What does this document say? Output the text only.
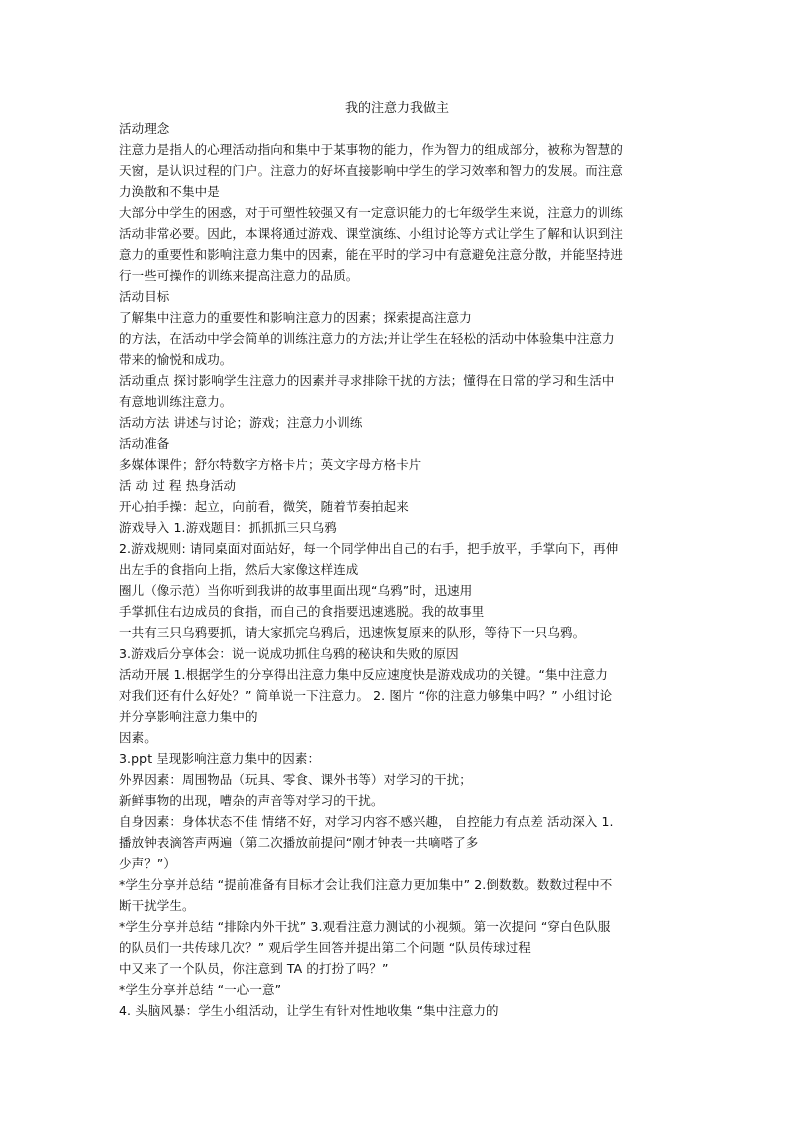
我的注意力我做主
活动理念
注意力是指人的心理活动指向和集中于某事物的能力，作为智力的组成部分，被称为智慧的
天窗，是认识过程的门户。注意力的好坏直接影响中学生的学习效率和智力的发展。而注意
力涣散和不集中是
大部分中学生的困惑，对于可塑性较强又有一定意识能力的七年级学生来说，注意力的训练
活动非常必要。因此，本课将通过游戏、课堂演练、小组讨论等方式让学生了解和认识到注
意力的重要性和影响注意力集中的因素，能在平时的学习中有意避免注意分散，并能坚持进
行一些可操作的训练来提高注意力的品质。
活动目标
了解集中注意力的重要性和影响注意力的因素；探索提高注意力
的方法，在活动中学会简单的训练注意力的方法;并让学生在轻松的活动中体验集中注意力
带来的愉悦和成功。
活动重点 探讨影响学生注意力的因素并寻求排除干扰的方法；懂得在日常的学习和生活中
有意地训练注意力。
活动方法 讲述与讨论；游戏；注意力小训练
活动准备
多媒体课件；舒尔特数字方格卡片；英文字母方格卡片
活 动 过 程 热身活动
开心拍手操：起立，向前看，微笑，随着节奏拍起来
游戏导入 1.游戏题目：抓抓抓三只乌鸦
2.游戏规则: 请同桌面对面站好，每一个同学伸出自己的右手，把手放平，手掌向下，再伸
出左手的食指向上指，然后大家像这样连成
圈儿（像示范）当你听到我讲的故事里面出现“乌鸦”时，迅速用
手掌抓住右边成员的食指，而自己的食指要迅速逃脱。我的故事里
一共有三只乌鸦要抓，请大家抓完乌鸦后，迅速恢复原来的队形，等待下一只乌鸦。
3.游戏后分享体会：说一说成功抓住乌鸦的秘诀和失败的原因
活动开展 1.根据学生的分享得出注意力集中反应速度快是游戏成功的关键。“集中注意力
对我们还有什么好处？” 简单说一下注意力。 2. 图片 “你的注意力够集中吗？” 小组讨论
并分享影响注意力集中的
因素。
3.ppt 呈现影响注意力集中的因素：
外界因素：周围物品（玩具、零食、课外书等）对学习的干扰；
新鲜事物的出现，嘈杂的声音等对学习的干扰。
自身因素：身体状态不佳 情绪不好，对学习内容不感兴趣， 自控能力有点差 活动深入 1.
播放钟表滴答声两遍（第二次播放前提问“刚才钟表一共嘀嗒了多
少声？”）
*学生分享并总结 “提前准备有目标才会让我们注意力更加集中” 2.倒数数。数数过程中不
断干扰学生。
*学生分享并总结 “排除内外干扰” 3.观看注意力测试的小视频。第一次提问 “穿白色队服
的队员们一共传球几次？” 观后学生回答并提出第二个问题 “队员传球过程
中又来了一个队员，你注意到 TA 的打扮了吗？”
*学生分享并总结 “一心一意”
4. 头脑风暴：学生小组活动，让学生有针对性地收集 “集中注意力的
